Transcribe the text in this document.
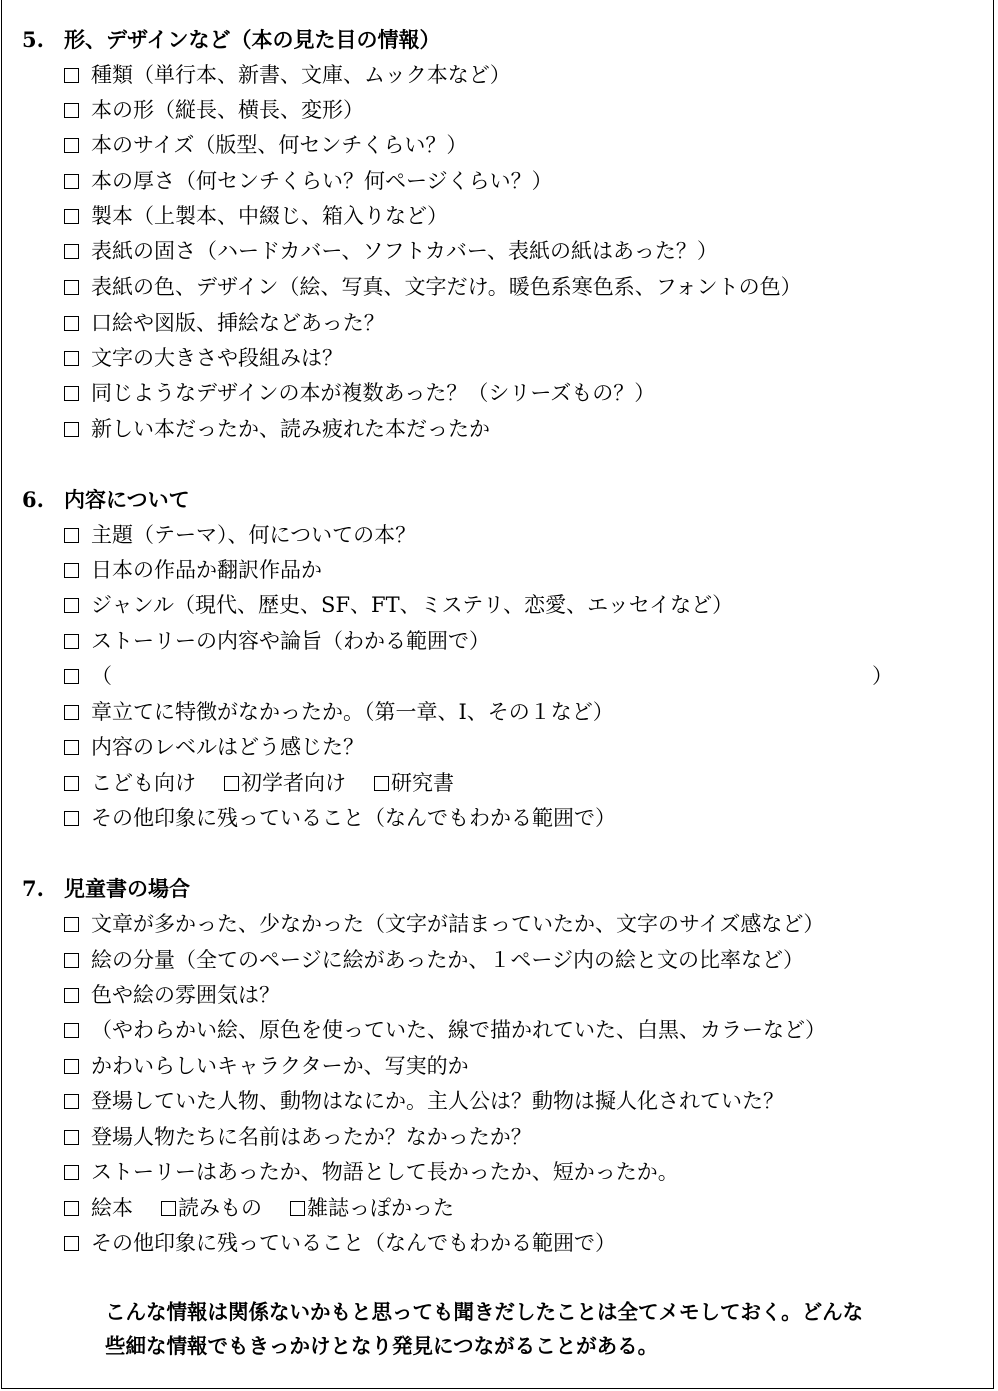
5. 形、デザインなど（本の見た目の情報）
種類（単行本、新書、文庫、ムック本など）
本の形（縦長、横長、変形）
本のサイズ（版型、何センチくらい？）
本の厚さ（何センチくらい？何ページくらい？）
製本（上製本、中綴じ、箱入りなど）
表紙の固さ（ハードカバー、ソフトカバー、表紙の紙はあった？）
表紙の色、デザイン（絵、写真、文字だけ。暖色系寒色系、フォントの色）
口絵や図版、挿絵などあった？
文字の大きさや段組みは？
同じようなデザインの本が複数あった？（シリーズもの？）
新しい本だったか、読み疲れた本だったか
6. 内容について
主題（テーマ）、何についての本？
日本の作品か翻訳作品か
ジャンル（現代、歴史、SF、FT、ミステリ、恋愛、エッセイなど）
ストーリーの内容や論旨（わかる範囲で）
（	）
章立てに特徴がなかったか。（第一章、Ⅰ、その１など）
内容のレベルはどう感じた？
こども向け 初学者向け 研究書
その他印象に残っていること（なんでもわかる範囲で）
7. 児童書の場合
文章が多かった、少なかった（文字が詰まっていたか、文字のサイズ感など）
絵の分量（全てのページに絵があったか、１ページ内の絵と文の比率など）
色や絵の雰囲気は？
（やわらかい絵、原色を使っていた、線で描かれていた、白黒、カラーなど）
かわいらしいキャラクターか、写実的か
登場していた人物、動物はなにか。主人公は？動物は擬人化されていた？
登場人物たちに名前はあったか？なかったか？
ストーリーはあったか、物語として長かったか、短かったか。
絵本 読みもの 雑誌っぽかった
その他印象に残っていること（なんでもわかる範囲で）
こんな情報は関係ないかもと思っても聞きだしたことは全てメモしておく。どんな
些細な情報でもきっかけとなり発見につながることがある。
